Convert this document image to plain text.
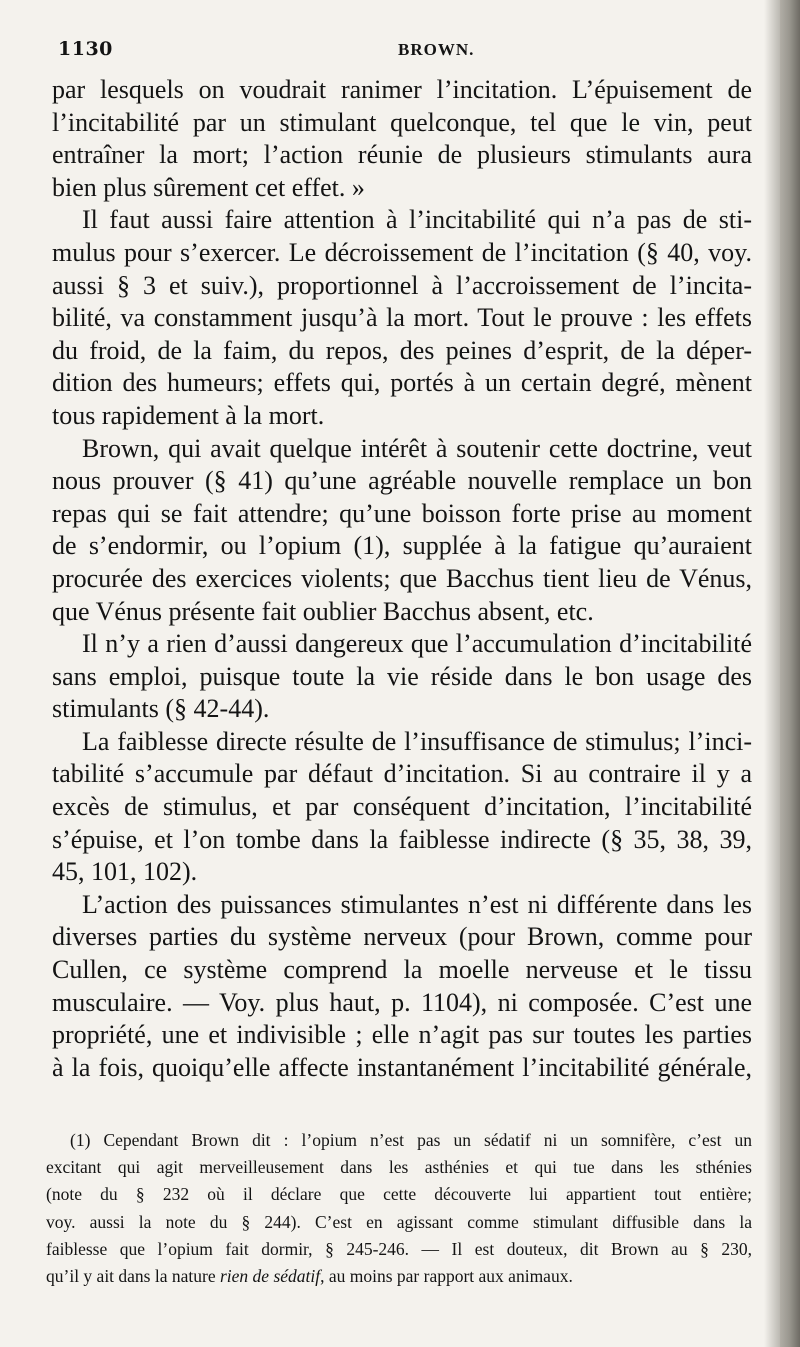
1130	BROWN.
par lesquels on voudrait ranimer l’incitation. L’épuisement de
l’incitabilité par un stimulant quelconque, tel que le vin, peut
entraîner la mort; l’action réunie de plusieurs stimulants aura
bien plus sûrement cet effet. »
Il faut aussi faire attention à l’incitabilité qui n’a pas de sti-
mulus pour s’exercer. Le décroissement de l’incitation (§ 40, voy.
aussi § 3 et suiv.), proportionnel à l’accroissement de l’incita-
bilité, va constamment jusqu’à la mort. Tout le prouve : les effets
du froid, de la faim, du repos, des peines d’esprit, de la déper-
dition des humeurs; effets qui, portés à un certain degré, mènent
tous rapidement à la mort.
Brown, qui avait quelque intérêt à soutenir cette doctrine, veut
nous prouver (§ 41) qu’une agréable nouvelle remplace un bon
repas qui se fait attendre; qu’une boisson forte prise au moment
de s’endormir, ou l’opium (1), supplée à la fatigue qu’auraient
procurée des exercices violents; que Bacchus tient lieu de Vénus,
que Vénus présente fait oublier Bacchus absent, etc.
Il n’y a rien d’aussi dangereux que l’accumulation d’incitabilité
sans emploi, puisque toute la vie réside dans le bon usage des
stimulants (§ 42-44).
La faiblesse directe résulte de l’insuffisance de stimulus; l’inci-
tabilité s’accumule par défaut d’incitation. Si au contraire il y a
excès de stimulus, et par conséquent d’incitation, l’incitabilité
s’épuise, et l’on tombe dans la faiblesse indirecte (§ 35, 38, 39,
45, 101, 102).
L’action des puissances stimulantes n’est ni différente dans les
diverses parties du système nerveux (pour Brown, comme pour
Cullen, ce système comprend la moelle nerveuse et le tissu
musculaire. — Voy. plus haut, p. 1104), ni composée. C’est une
propriété, une et indivisible ; elle n’agit pas sur toutes les parties
à la fois, quoiqu’elle affecte instantanément l’incitabilité générale,
(1) Cependant Brown dit : l’opium n’est pas un sédatif ni un somnifère, c’est un
excitant qui agit merveilleusement dans les asthénies et qui tue dans les sthénies
(note du § 232 où il déclare que cette découverte lui appartient tout entière;
voy. aussi la note du § 244). C’est en agissant comme stimulant diffusible dans la
faiblesse que l’opium fait dormir, § 245-246. — Il est douteux, dit Brown au § 230,
qu’il y ait dans la nature rien de sédatif, au moins par rapport aux animaux.
